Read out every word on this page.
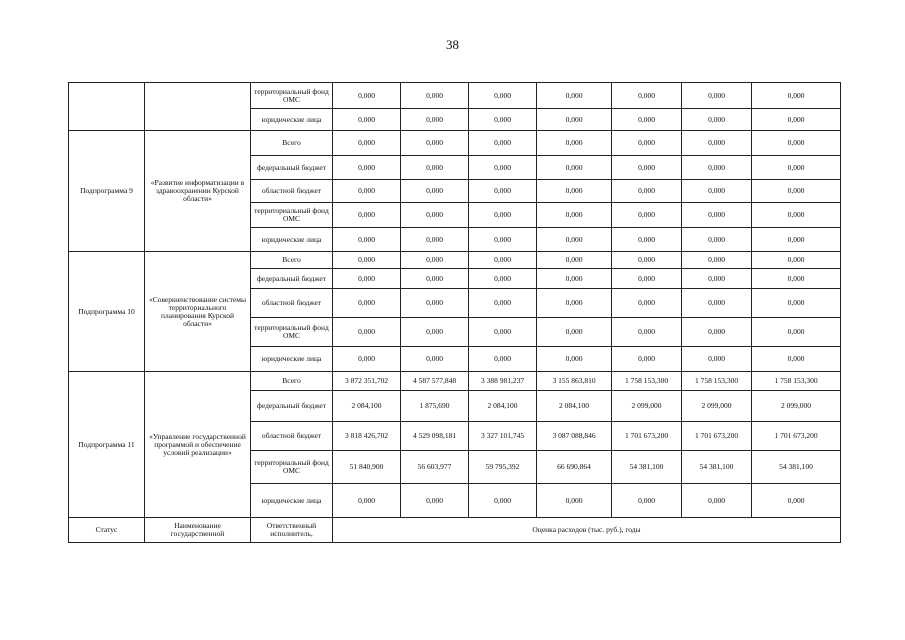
38
		территориальный фонд ОМС	0,000	0,000	0,000	0,000	0,000	0,000	0,000
		юридические лица	0,000	0,000	0,000	0,000	0,000	0,000	0,000
Подпрограмма 9	«Развитие информатизации в здравоохранении Курской области»	Всего	0,000	0,000	0,000	0,000	0,000	0,000	0,000
		федеральный бюджет	0,000	0,000	0,000	0,000	0,000	0,000	0,000
		областной бюджет	0,000	0,000	0,000	0,000	0,000	0,000	0,000
		территориальный фонд ОМС	0,000	0,000	0,000	0,000	0,000	0,000	0,000
		юридические лица	0,000	0,000	0,000	0,000	0,000	0,000	0,000
Подпрограмма 10	«Совершенствование системы территориального планирования Курской области»	Всего	0,000	0,000	0,000	0,000	0,000	0,000	0,000
		федеральный бюджет	0,000	0,000	0,000	0,000	0,000	0,000	0,000
		областной бюджет	0,000	0,000	0,000	0,000	0,000	0,000	0,000
		территориальный фонд ОМС	0,000	0,000	0,000	0,000	0,000	0,000	0,000
		юридические лица	0,000	0,000	0,000	0,000	0,000	0,000	0,000
Подпрограмма 11	«Управление государственной программой и обеспечение условий реализации»	Всего	3 872 351,702	4 587 577,848	3 388 981,237	3 155 863,810	1 758 153,300	1 758 153,300	1 758 153,300
		федеральный бюджет	2 084,100	1 875,690	2 084,100	2 084,100	2 099,000	2 099,000	2 099,000
		областной бюджет	3 818 426,702	4 529 098,181	3 327 101,745	3 087 088,846	1 701 673,200	1 701 673,200	1 701 673,200
		территориальный фонд ОМС	51 840,900	56 603,977	59 795,392	66 690,864	54 381,100	54 381,100	54 381,100
		юридические лица	0,000	0,000	0,000	0,000	0,000	0,000	0,000
Статус	Наименование государственной	Ответственный исполнитель,	Оценка расходов (тыс. руб.), годы						
